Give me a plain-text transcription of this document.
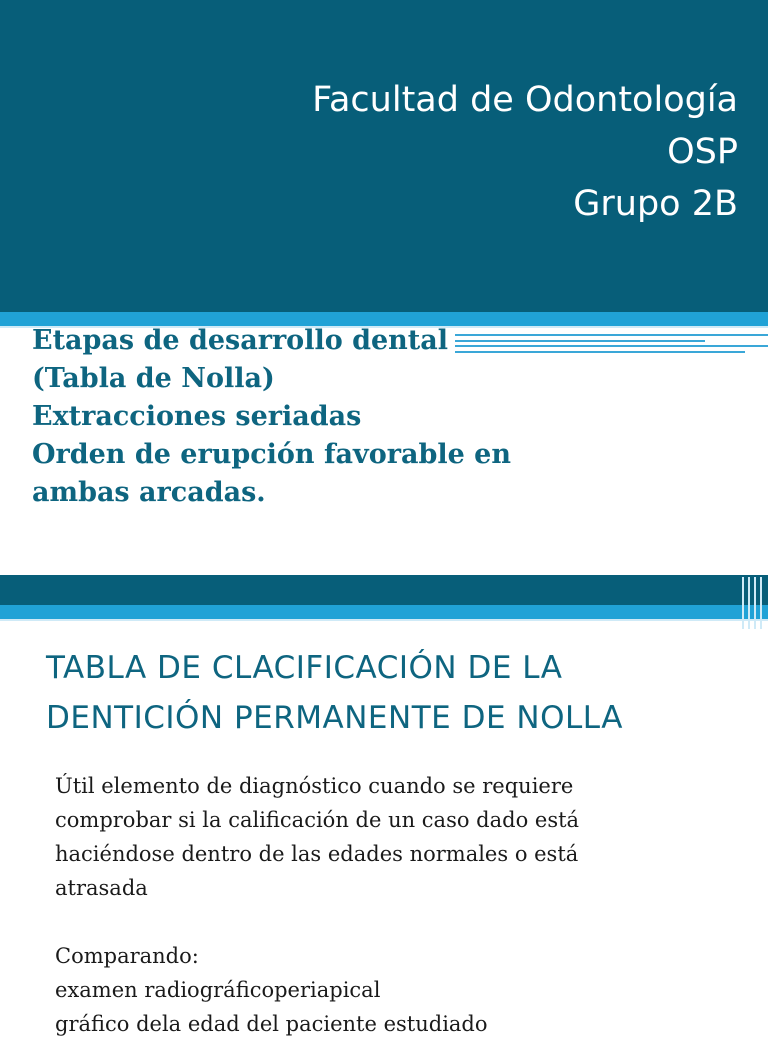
Facultad de Odontología
OSP
Grupo 2B
Etapas de desarrollo dental
(Tabla de Nolla)
Extracciones seriadas
Orden de erupción favorable en
ambas arcadas.
TABLA DE CLACIFICACIÓN DE LA
DENTICIÓN PERMANENTE DE NOLLA

Útil elemento de diagnóstico cuando se requiere

comprobar si la calificación de un caso dado está

haciéndose dentro de las edades normales o está

atrasada

Comparando:

examen radiográficoperiapical

gráfico dela edad del paciente estudiado
